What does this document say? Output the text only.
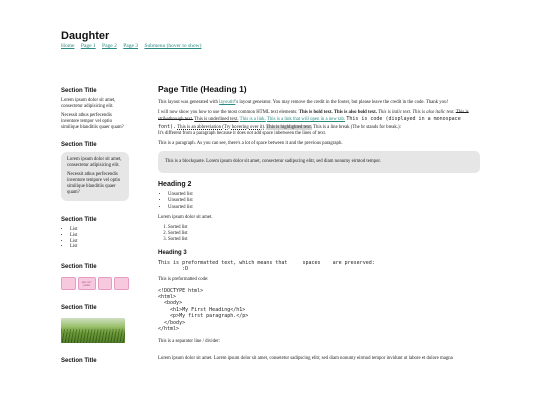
Daughter
Home Page 1 Page 2 Page 3 Submenu (hover to show)
Section Title

Lorem ipsum dolor sit amet, consectetur adipisicing elit.

Necessit athus perfecendis inventore tempor vel optio similique blanditiis quaer quam?

Section Title

Lorem ipsum dolor sit amet, consectetur adipisicing elit.

Necessit athus perfecendis inventore tempore vel optio similique blanditiis quaer quam?

Section Title
• List
• List
• List
• List
Section Title
pure css+ pulled
Section Title
Section Title
Page Title (Heading 1)

This layout was generated with layoutit!'s layout generator. You may remove the credit in the footer, but please leave the credit in the code. Thank you!

I will now show you how to use the most common HTML text elements: This is bold text. This is also bold text. This is italic text. This is also italic text. This is strikethrough text. This is underlined text. This is a link. This is a link that will open in a new tab. This is code (displayed in a monospace font). This is an abbreviation (Try hovering over it). This is highlighted text. This is a line break (The br stands for break.):
It's different from a paragraph because it does not add space inbetween the lines of text.

This is a paragraph. As you can see, there's a lot of space between it and the previous paragraph.

This is a blockquote. Lorem ipsum dolor sit amet, consectetur sadipscing elitr, sed diam nonumy eirmod tempor.
Heading 2
• Unsorted list
• Unsorted list
• Unsorted list

Lorem ipsum dolor sit amet.

1. Sorted list
2. Sorted list
3. Sorted list
Heading 3
This is preformatted text, which means that     spaces    are preserved:
:D

This is preformatted code:

<!DOCTYPE html>
<html>
<body>
<h1>My First Heading</h1>
<p>My first paragraph.</p>
</body>
</html>

This is a separator line / divider:

Lorem ipsum dolor sit amet. Lorem ipsum dolor sit amet, consetetur sadipscing elitr, sed diam nonumy eirmod tempor invidunt ut labore et dolore magna
